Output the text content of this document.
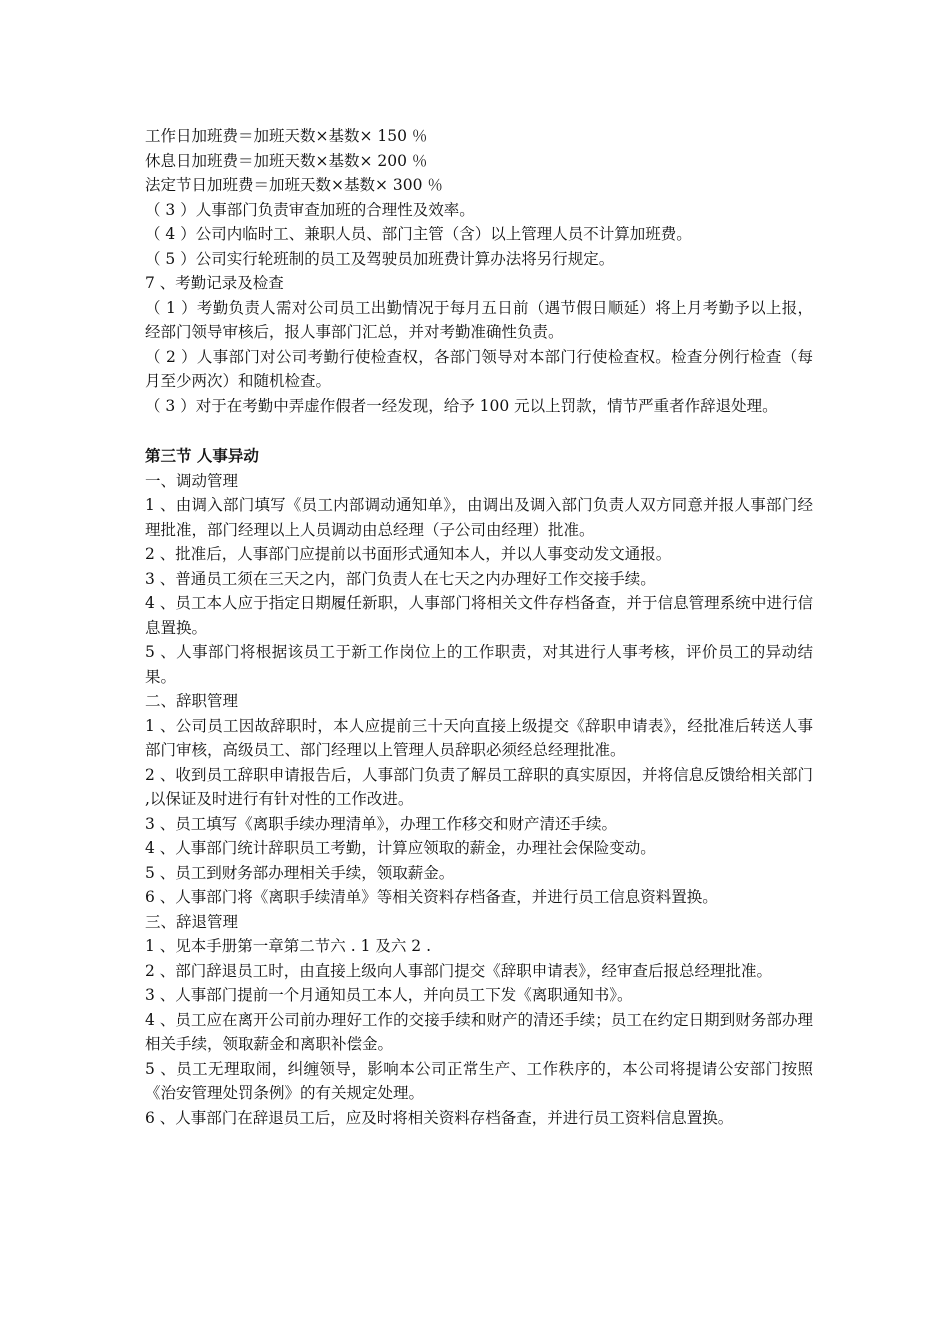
工作日加班费＝加班天数×基数× 150 ％

休息日加班费＝加班天数×基数× 200 ％

法定节日加班费＝加班天数×基数× 300 ％

（ 3 ）人事部门负责审查加班的合理性及效率。

（ 4 ）公司内临时工、兼职人员、部门主管（含）以上管理人员不计算加班费。

（ 5 ）公司实行轮班制的员工及驾驶员加班费计算办法将另行规定。

7 、考勤记录及检查

（ 1 ）考勤负责人需对公司员工出勤情况于每月五日前（遇节假日顺延）将上月考勤予以上报，经部门领导审核后，报人事部门汇总，并对考勤准确性负责。

（ 2 ）人事部门对公司考勤行使检查权，各部门领导对本部门行使检查权。检查分例行检查（每月至少两次）和随机检查。

（ 3 ）对于在考勤中弄虚作假者一经发现，给予 100 元以上罚款，情节严重者作辞退处理。

第三节 人事异动

一、调动管理

1 、由调入部门填写《员工内部调动通知单》，由调出及调入部门负责人双方同意并报人事部门经理批准，部门经理以上人员调动由总经理（子公司由经理）批准。

2 、批准后，人事部门应提前以书面形式通知本人，并以人事变动发文通报。

3 、普通员工须在三天之内，部门负责人在七天之内办理好工作交接手续。

4 、员工本人应于指定日期履任新职，人事部门将相关文件存档备查，并于信息管理系统中进行信息置换。

5 、人事部门将根据该员工于新工作岗位上的工作职责，对其进行人事考核，评价员工的异动结果。

二、辞职管理

1 、公司员工因故辞职时，本人应提前三十天向直接上级提交《辞职申请表》，经批准后转送人事部门审核，高级员工、部门经理以上管理人员辞职必须经总经理批准。

2 、收到员工辞职申请报告后，人事部门负责了解员工辞职的真实原因，并将信息反馈给相关部门 ,以保证及时进行有针对性的工作改进。

3 、员工填写《离职手续办理清单》，办理工作移交和财产清还手续。

4 、人事部门统计辞职员工考勤，计算应领取的薪金，办理社会保险变动。

5 、员工到财务部办理相关手续，领取薪金。

6 、人事部门将《离职手续清单》等相关资料存档备查，并进行员工信息资料置换。

三、辞退管理

1 、见本手册第一章第二节六 . 1 及六 2 .

2 、部门辞退员工时，由直接上级向人事部门提交《辞职申请表》，经审查后报总经理批准。

3 、人事部门提前一个月通知员工本人，并向员工下发《离职通知书》。

4 、员工应在离开公司前办理好工作的交接手续和财产的清还手续；员工在约定日期到财务部办理相关手续，领取薪金和离职补偿金。

5 、员工无理取闹，纠缠领导，影响本公司正常生产、工作秩序的，本公司将提请公安部门按照《治安管理处罚条例》的有关规定处理。

6 、人事部门在辞退员工后，应及时将相关资料存档备查，并进行员工资料信息置换。
